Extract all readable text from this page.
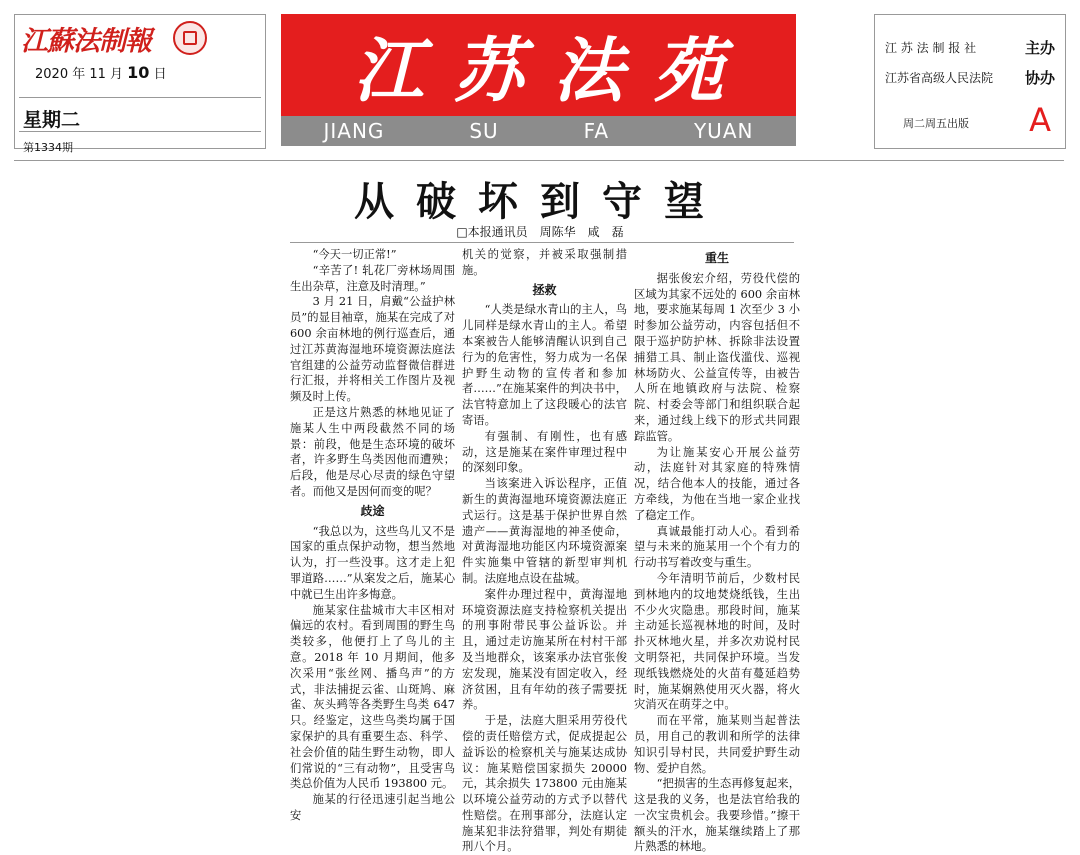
江蘇法制報
2020 年 11 月 10 日
星期二
第1334期
江 苏 法 苑
JIANG	SU	FA	YUAN
江 苏 法 制 报 社	主办
江苏省高级人民法院 协办
周二周五出版 A
从破坏到守望
□本报通讯员　周陈华　咸　磊

“今天一切正常!”

“辛苦了! 轧花厂旁林场周围生出杂草，注意及时清理。”

3 月 21 日，肩戴“公益护林员”的显目袖章，施某在完成了对 600 余亩林地的例行巡查后，通过江苏黄海湿地环境资源法庭法官组建的公益劳动监督微信群进行汇报，并将相关工作图片及视频及时上传。

正是这片熟悉的林地见证了施某人生中两段截然不同的场景：前段，他是生态环境的破坏者，许多野生鸟类因他而遭殃；后段，他是尽心尽责的绿色守望者。而他又是因何而变的呢？

歧途

“我总以为，这些鸟儿又不是国家的重点保护动物，想当然地认为，打一些没事。这才走上犯罪道路……”从案发之后，施某心中就已生出许多悔意。

施某家住盐城市大丰区相对偏远的农村。看到周围的野生鸟类较多，他便打上了鸟儿的主意。2018 年 10 月期间，他多次采用“张丝网、播鸟声”的方式，非法捕捉云雀、山斑鸠、麻雀、灰头鹀等各类野生鸟类 647 只。经鉴定，这些鸟类均属于国家保护的具有重要生态、科学、社会价值的陆生野生动物，即人们常说的“三有动物”，且受害鸟类总价值为人民币 193800 元。

施某的行径迅速引起当地公安

机关的觉察，并被采取强制措施。

拯救

“人类是绿水青山的主人，鸟儿同样是绿水青山的主人。希望本案被告人能够清醒认识到自己行为的危害性，努力成为一名保护野生动物的宣传者和参加者……”在施某案件的判决书中，法官特意加上了这段暖心的法官寄语。

有强制、有刚性，也有感动，这是施某在案件审理过程中的深刻印象。

当该案进入诉讼程序，正值新生的黄海湿地环境资源法庭正式运行。这是基于保护世界自然遗产——黄海湿地的神圣使命，对黄海湿地功能区内环境资源案件实施集中管辖的新型审判机制。法庭地点设在盐城。

案件办理过程中，黄海湿地环境资源法庭支持检察机关提出的刑事附带民事公益诉讼。并且，通过走访施某所在村村干部及当地群众，该案承办法官张俊宏发现，施某没有固定收入，经济贫困，且有年幼的孩子需要抚养。

于是，法庭大胆采用劳役代偿的责任赔偿方式，促成提起公益诉讼的检察机关与施某达成协议：施某赔偿国家损失 20000 元，其余损失 173800 元由施某以环境公益劳动的方式予以替代性赔偿。在刑事部分，法庭认定施某犯非法狩猎罪，判处有期徒刑八个月。

重生

据张俊宏介绍，劳役代偿的区域为其家不远处的 600 余亩林地，要求施某每周 1 次至少 3 小时参加公益劳动，内容包括但不限于巡护防护林、拆除非法设置捕猎工具、制止盗伐滥伐、巡视林场防火、公益宣传等，由被告人所在地镇政府与法院、检察院、村委会等部门和组织联合起来，通过线上线下的形式共同跟踪监管。

为让施某安心开展公益劳动，法庭针对其家庭的特殊情况，结合他本人的技能，通过各方牵线，为他在当地一家企业找了稳定工作。

真诚最能打动人心。看到希望与未来的施某用一个个有力的行动书写着改变与重生。

今年清明节前后，少数村民到林地内的坟地焚烧纸钱，生出不少火灾隐患。那段时间，施某主动延长巡视林地的时间，及时扑灭林地火星，并多次劝说村民文明祭祀，共同保护环境。当发现纸钱燃烧处的火苗有蔓延趋势时，施某娴熟使用灭火器，将火灾消灭在萌芽之中。

而在平常，施某则当起普法员，用自己的教训和所学的法律知识引导村民，共同爱护野生动物、爱护自然。

“把损害的生态再修复起来，这是我的义务，也是法官给我的一次宝贵机会。我要珍惜。”擦干额头的汗水，施某继续踏上了那片熟悉的林地。
